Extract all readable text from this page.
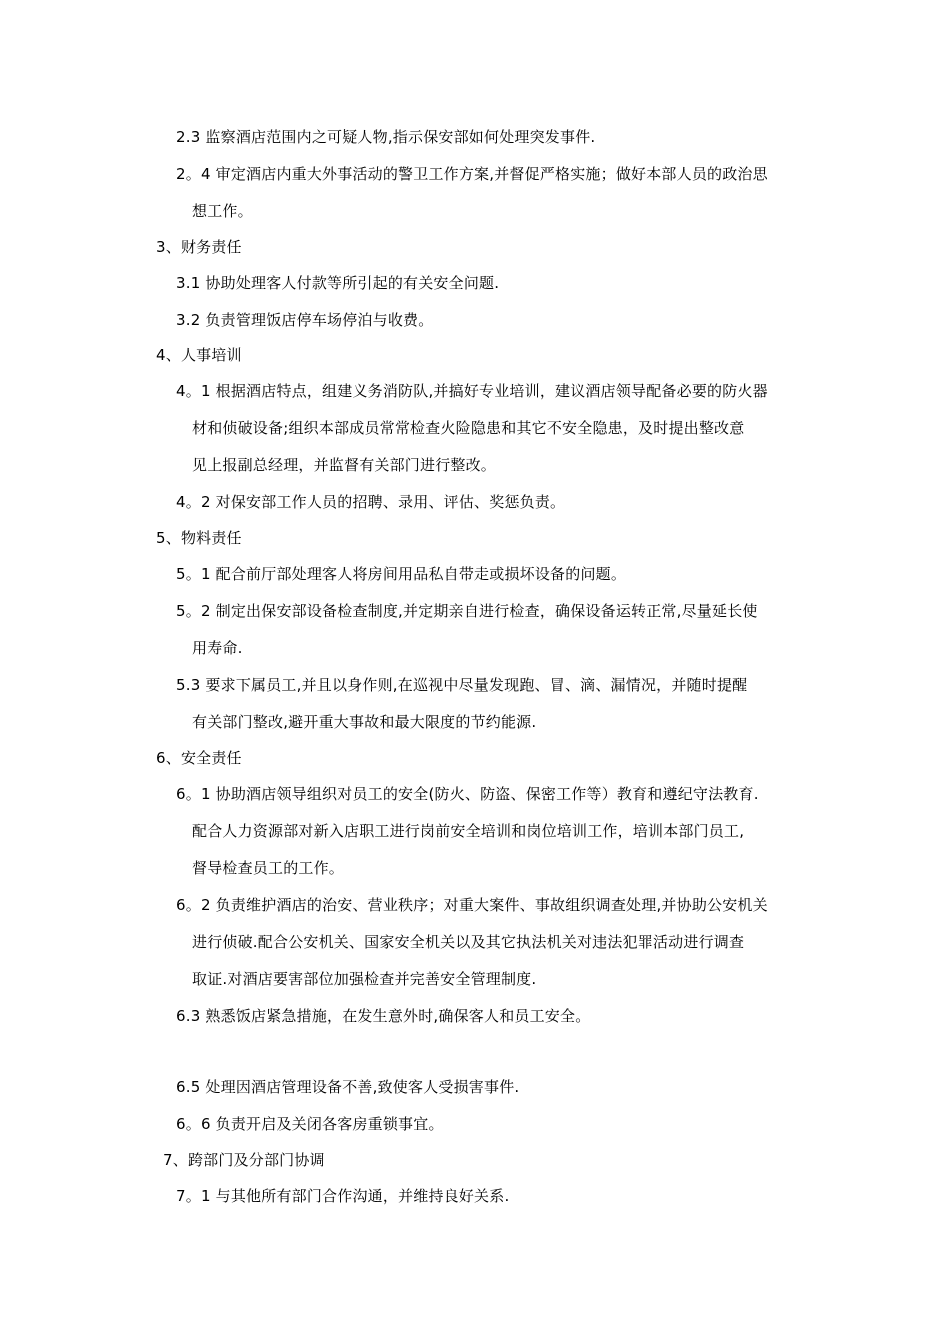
2.3 监察酒店范围内之可疑人物,指示保安部如何处理突发事件.
2。4 审定酒店内重大外事活动的警卫工作方案,并督促严格实施；做好本部人员的政治思
想工作。
3、财务责任
3.1 协助处理客人付款等所引起的有关安全问题.
3.2 负责管理饭店停车场停泊与收费。
4、人事培训
4。1 根据酒店特点，组建义务消防队,并搞好专业培训，建议酒店领导配备必要的防火器
材和侦破设备;组织本部成员常常检查火险隐患和其它不安全隐患，及时提出整改意
见上报副总经理，并监督有关部门进行整改。
4。2 对保安部工作人员的招聘、录用、评估、奖惩负责。
5、物料责任
5。1 配合前厅部处理客人将房间用品私自带走或损坏设备的问题。
5。2 制定出保安部设备检查制度,并定期亲自进行检查，确保设备运转正常,尽量延长使
用寿命.
5.3 要求下属员工,并且以身作则,在巡视中尽量发现跑、冒、滴、漏情况，并随时提醒
有关部门整改,避开重大事故和最大限度的节约能源.
6、安全责任
6。1 协助酒店领导组织对员工的安全(防火、防盗、保密工作等）教育和遵纪守法教育.
配合人力资源部对新入店职工进行岗前安全培训和岗位培训工作，培训本部门员工,
督导检查员工的工作。
6。2 负责维护酒店的治安、营业秩序；对重大案件、事故组织调查处理,并协助公安机关
进行侦破.配合公安机关、国家安全机关以及其它执法机关对违法犯罪活动进行调查
取证.对酒店要害部位加强检查并完善安全管理制度.
6.3 熟悉饭店紧急措施，在发生意外时,确保客人和员工安全。
6.5 处理因酒店管理设备不善,致使客人受损害事件.
6。6 负责开启及关闭各客房重锁事宜。
7、跨部门及分部门协调
7。1 与其他所有部门合作沟通，并维持良好关系.
